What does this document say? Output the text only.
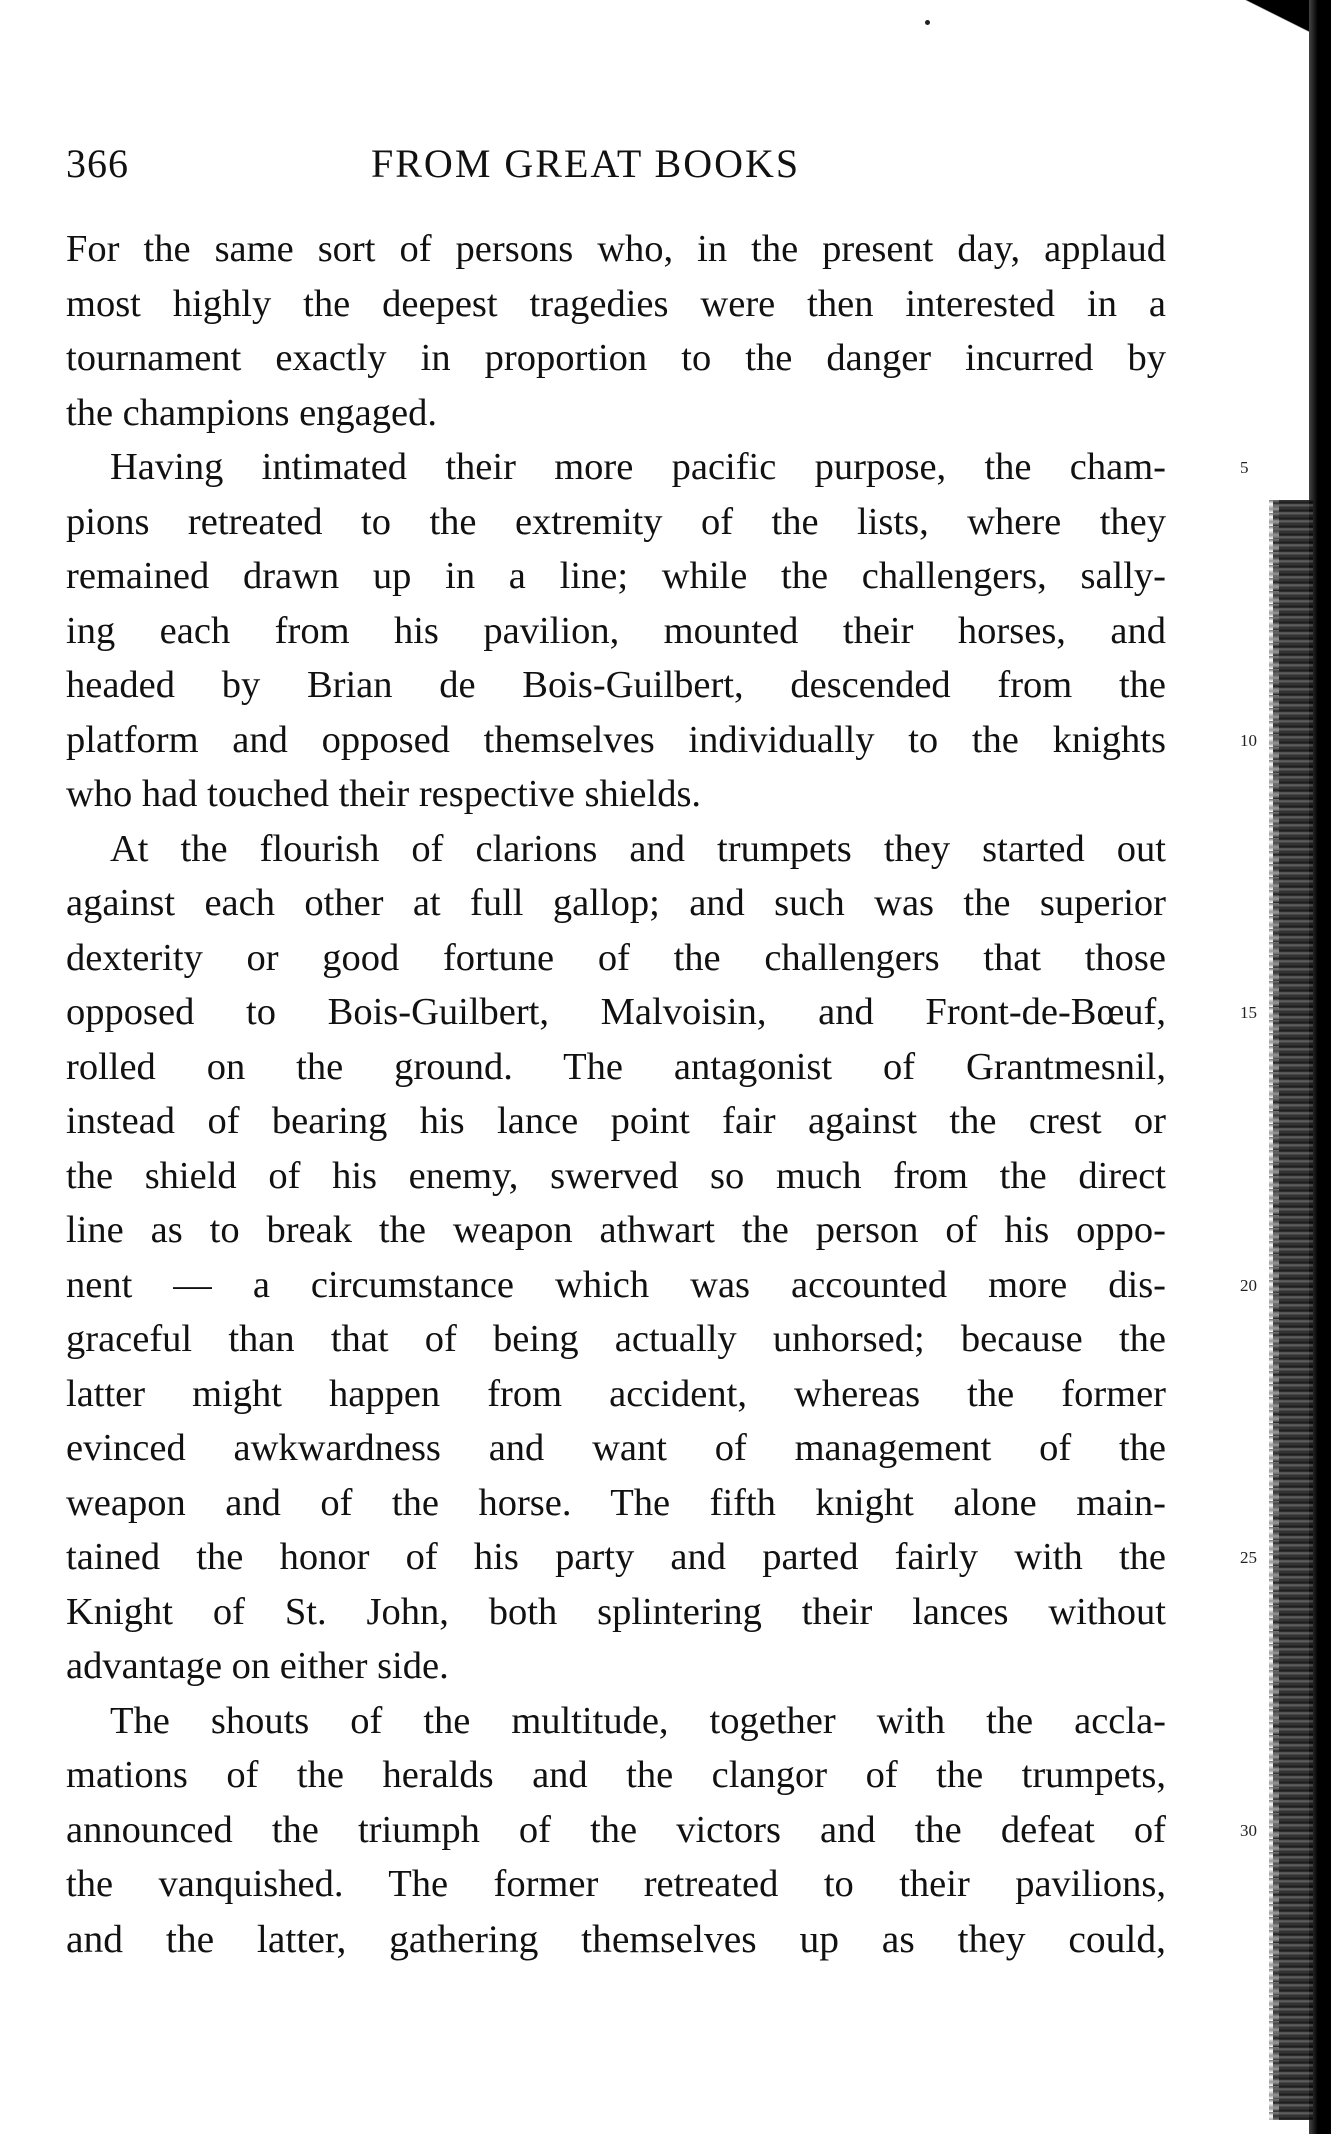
366	FROM GREAT BOOKS
For the same sort of persons who, in the present day, applaud
most highly the deepest tragedies were then interested in a
tournament exactly in proportion to the danger incurred by
the champions engaged.
Having intimated their more pacific purpose, the cham-
pions retreated to the extremity of the lists, where they
remained drawn up in a line; while the challengers, sally-
ing each from his pavilion, mounted their horses, and
headed by Brian de Bois-Guilbert, descended from the
platform and opposed themselves individually to the knights
who had touched their respective shields.
At the flourish of clarions and trumpets they started out
against each other at full gallop; and such was the superior
dexterity or good fortune of the challengers that those
opposed to Bois-Guilbert, Malvoisin, and Front-de-Bœuf,
rolled on the ground. The antagonist of Grantmesnil,
instead of bearing his lance point fair against the crest or
the shield of his enemy, swerved so much from the direct
line as to break the weapon athwart the person of his oppo-
nent — a circumstance which was accounted more dis-
graceful than that of being actually unhorsed; because the
latter might happen from accident, whereas the former
evinced awkwardness and want of management of the
weapon and of the horse. The fifth knight alone main-
tained the honor of his party and parted fairly with the
Knight of St. John, both splintering their lances without
advantage on either side.
The shouts of the multitude, together with the accla-
mations of the heralds and the clangor of the trumpets,
announced the triumph of the victors and the defeat of
the vanquished. The former retreated to their pavilions,
and the latter, gathering themselves up as they could,
5
10
15
20
25
30
